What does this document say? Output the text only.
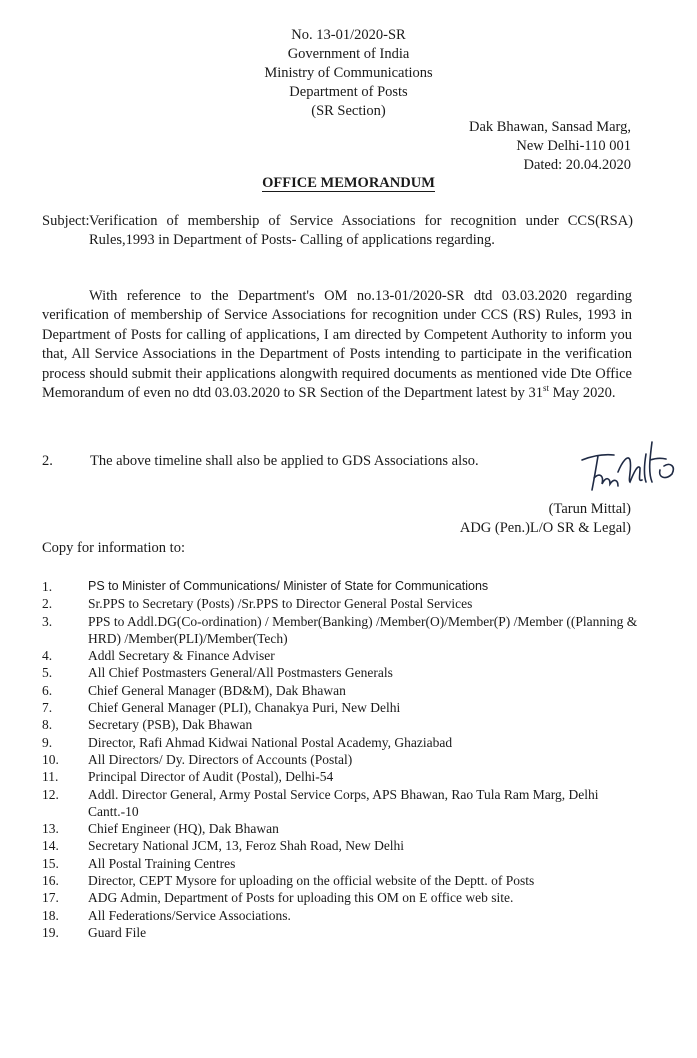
No. 13-01/2020-SR
Government of India
Ministry of Communications
Department of Posts
(SR Section)
Dak Bhawan, Sansad Marg,
New Delhi-110 001
Dated: 20.04.2020
OFFICE MEMORANDUM
Subject: Verification of membership of Service Associations for recognition under CCS(RSA) Rules,1993 in Department of Posts- Calling of applications regarding.
With reference to the Department's OM no.13-01/2020-SR dtd 03.03.2020 regarding verification of membership of Service Associations for recognition under CCS (RS) Rules, 1993 in Department of Posts for calling of applications, I am directed by Competent Authority to inform you that, All Service Associations in the Department of Posts intending to participate in the verification process should submit their applications alongwith required documents as mentioned vide Dte Office Memorandum of even no dtd 03.03.2020 to SR Section of the Department latest by 31st May 2020.
2.	The above timeline shall also be applied to GDS Associations also.
(Tarun Mittal)
ADG (Pen.)L/O SR & Legal)
Copy for information to:
1.	PS to Minister of Communications/ Minister of State for Communications
2.	Sr.PPS to Secretary (Posts) /Sr.PPS to Director General Postal Services
3.	PPS to Addl.DG(Co-ordination) / Member(Banking) /Member(O)/Member(P) /Member ((Planning & HRD) /Member(PLI)/Member(Tech)
4.	Addl Secretary & Finance Adviser
5.	All Chief Postmasters General/All Postmasters Generals
6.	Chief General Manager (BD&M), Dak Bhawan
7.	Chief General Manager (PLI), Chanakya Puri, New Delhi
8.	Secretary (PSB), Dak Bhawan
9.	Director, Rafi Ahmad Kidwai National Postal Academy, Ghaziabad
10. All Directors/ Dy. Directors of Accounts (Postal)
11. Principal Director of Audit (Postal), Delhi-54
12. Addl. Director General, Army Postal Service Corps, APS Bhawan, Rao Tula Ram Marg, Delhi Cantt.-10
13. Chief Engineer (HQ), Dak Bhawan
14. Secretary National JCM, 13, Feroz Shah Road, New Delhi
15. All Postal Training Centres
16. Director, CEPT Mysore for uploading on the official website of the Deptt. of Posts
17. ADG Admin, Department of Posts for uploading this OM on E office web site.
18. All Federations/Service Associations.
19. Guard File
